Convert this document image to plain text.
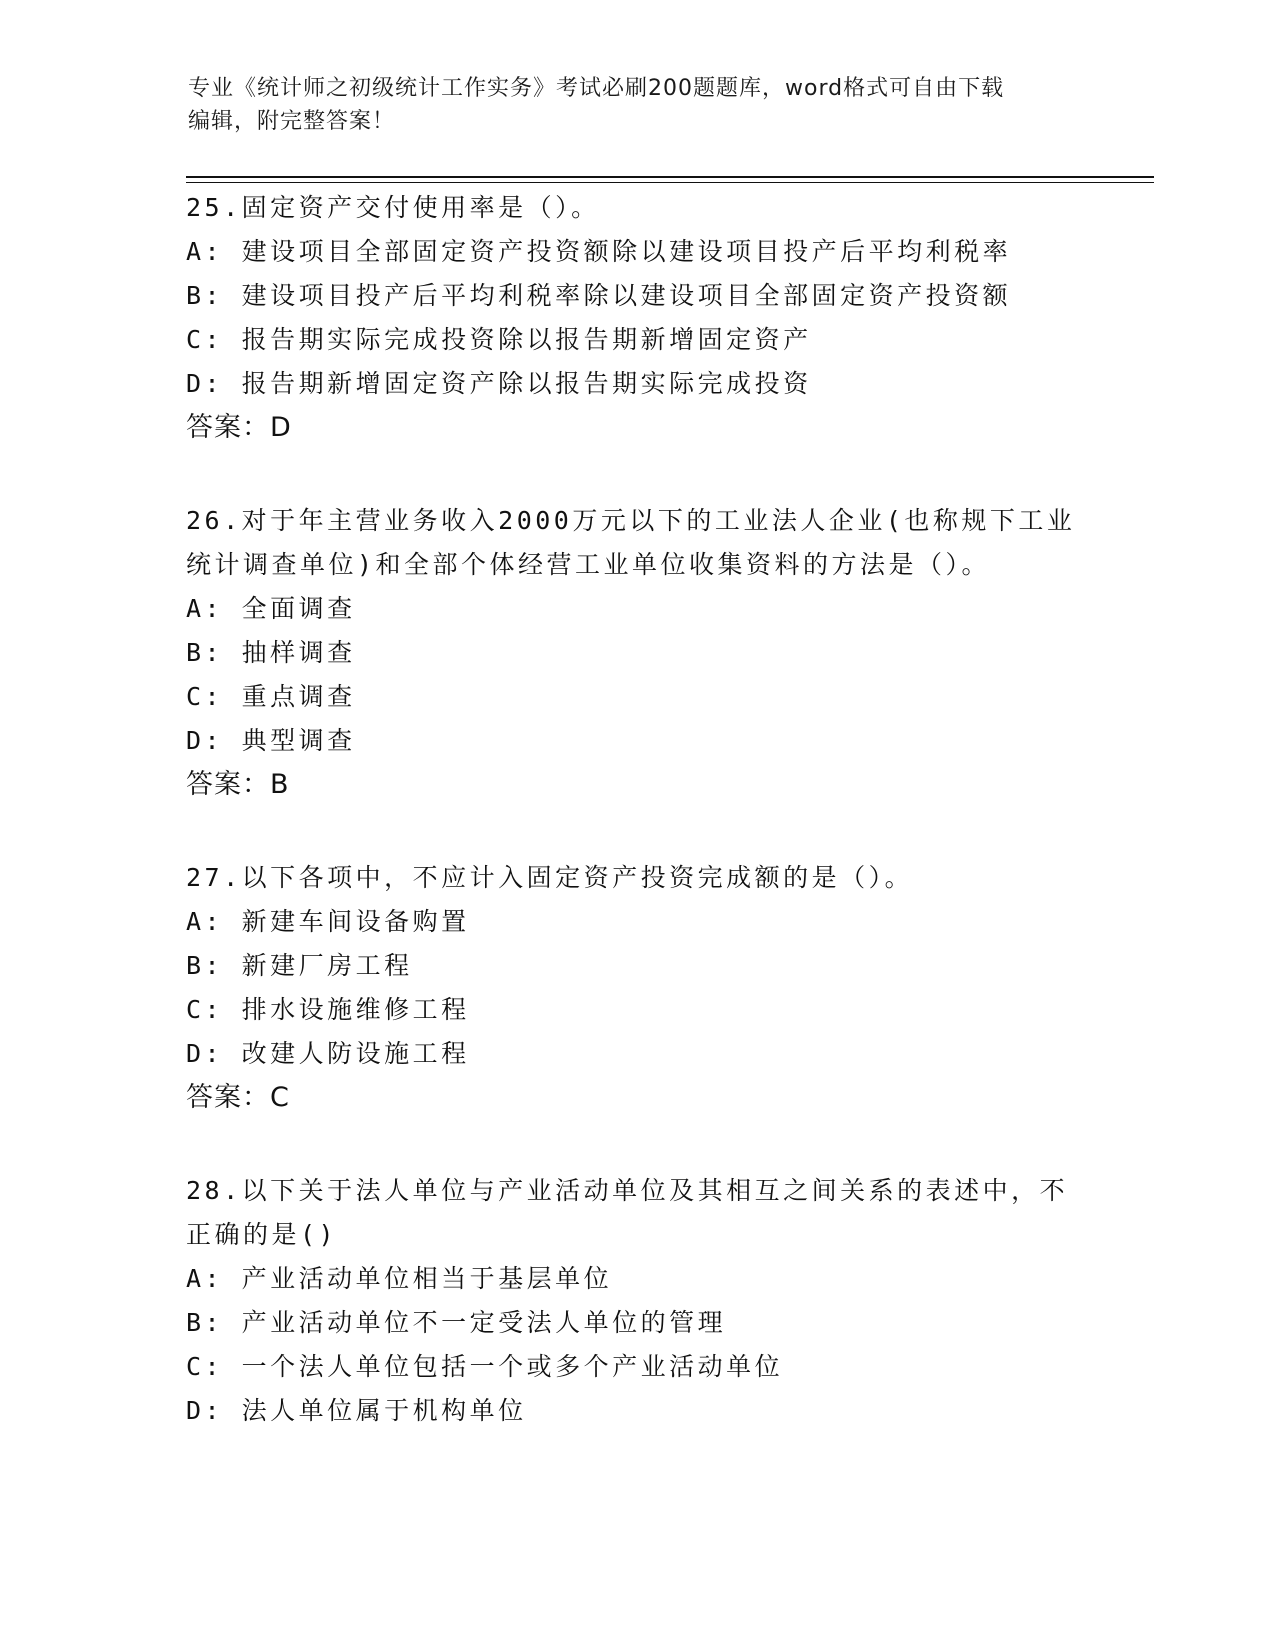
专业《统计师之初级统计工作实务》考试必刷200题题库，word格式可自由下载
编辑，附完整答案！
25.固定资产交付使用率是（）。
A: 建设项目全部固定资产投资额除以建设项目投产后平均利税率
B: 建设项目投产后平均利税率除以建设项目全部固定资产投资额
C: 报告期实际完成投资除以报告期新增固定资产
D: 报告期新增固定资产除以报告期实际完成投资
答案：D
26.对于年主营业务收入2000万元以下的工业法人企业(也称规下工业
统计调查单位)和全部个体经营工业单位收集资料的方法是（）。
A: 全面调查
B: 抽样调查
C: 重点调查
D: 典型调查
答案：B
27.以下各项中，不应计入固定资产投资完成额的是（）。
A: 新建车间设备购置
B: 新建厂房工程
C: 排水设施维修工程
D: 改建人防设施工程
答案：C
28.以下关于法人单位与产业活动单位及其相互之间关系的表述中，不
正确的是()
A: 产业活动单位相当于基层单位
B: 产业活动单位不一定受法人单位的管理
C: 一个法人单位包括一个或多个产业活动单位
D: 法人单位属于机构单位
